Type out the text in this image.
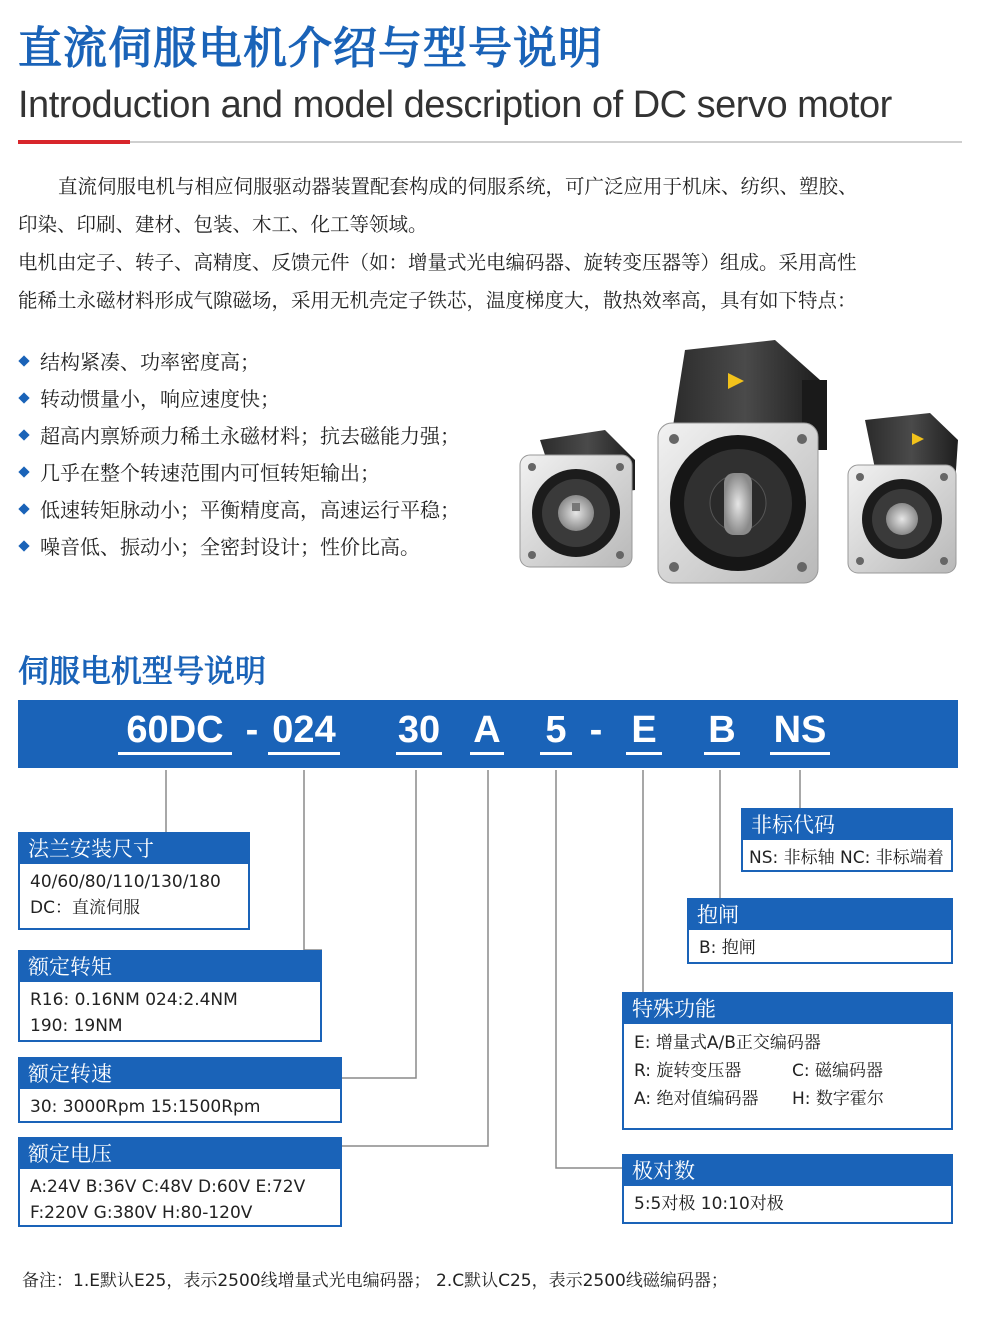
直流伺服电机介绍与型号说明
Introduction and model description of DC servo motor

直流伺服电机与相应伺服驱动器装置配套构成的伺服系统，可广泛应用于机床、纺织、塑胶、

印染、印刷、建材、包装、木工、化工等领域。

电机由定子、转子、高精度、反馈元件（如：增量式光电编码器、旋转变压器等）组成。采用高性

能稀土永磁材料形成气隙磁场，采用无机壳定子铁芯，温度梯度大，散热效率高，具有如下特点：

结构紧凑、功率密度高；
转动惯量小，响应速度快；
超高内禀矫顽力稀土永磁材料；抗去磁能力强；
几乎在整个转速范围内可恒转矩输出；
低速转矩脉动小；平衡精度高，高速运行平稳；
噪音低、振动小；全密封设计；性价比高。
伺服电机型号说明
60DC - 024 30 A 5 - E B NS
法兰安装尺寸
40/60/80/110/130/180
DC：直流伺服
额定转矩
R16: 0.16NM 024:2.4NM
190: 19NM
额定转速
30: 3000Rpm 15:1500Rpm
额定电压
A:24V B:36V C:48V D:60V E:72V
F:220V G:380V H:80-120V
非标代码
NS: 非标轴 NC: 非标端着
抱闸
B: 抱闸
特殊功能
E: 增量式A/B正交编码器
R: 旋转变压器	C: 磁编码器
A: 绝对值编码器	H: 数字霍尔
极对数
5:5对极 10:10对极
备注：1.E默认E25，表示2500线增量式光电编码器； 2.C默认C25，表示2500线磁编码器；
